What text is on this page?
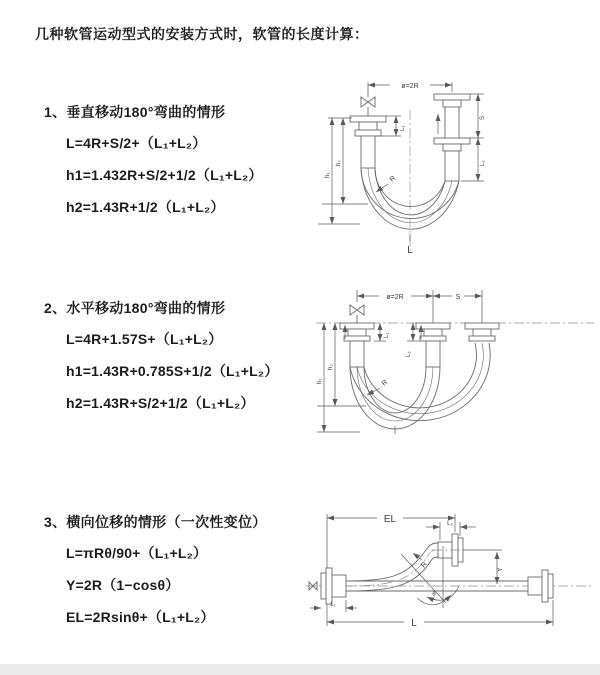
几种软管运动型式的安装方式时，软管的长度计算：
1、垂直移动180°弯曲的情形
L=4R+S/2+（L₁+L₂）
h1=1.432R+S/2+1/2（L₁+L₂）
h2=1.43R+1/2（L₁+L₂）
ø=2R
L₁
S
L₂
h₁
h₂
R
L
2、水平移动180°弯曲的情形
L=4R+1.57S+（L₁+L₂）
h1=1.43R+0.785S+1/2（L₁+L₂）
h2=1.43R+S/2+1/2（L₁+L₂）
ø=2R	S
L₁
L₂
h₁
h₂
R
3、横向位移的情形（一次性变位）
L=πRθ/90+（L₁+L₂）
Y=2R（1−cosθ）
EL=2Rsinθ+（L₁+L₂）
EL	L₂
Y
θ
R
L₁
L
